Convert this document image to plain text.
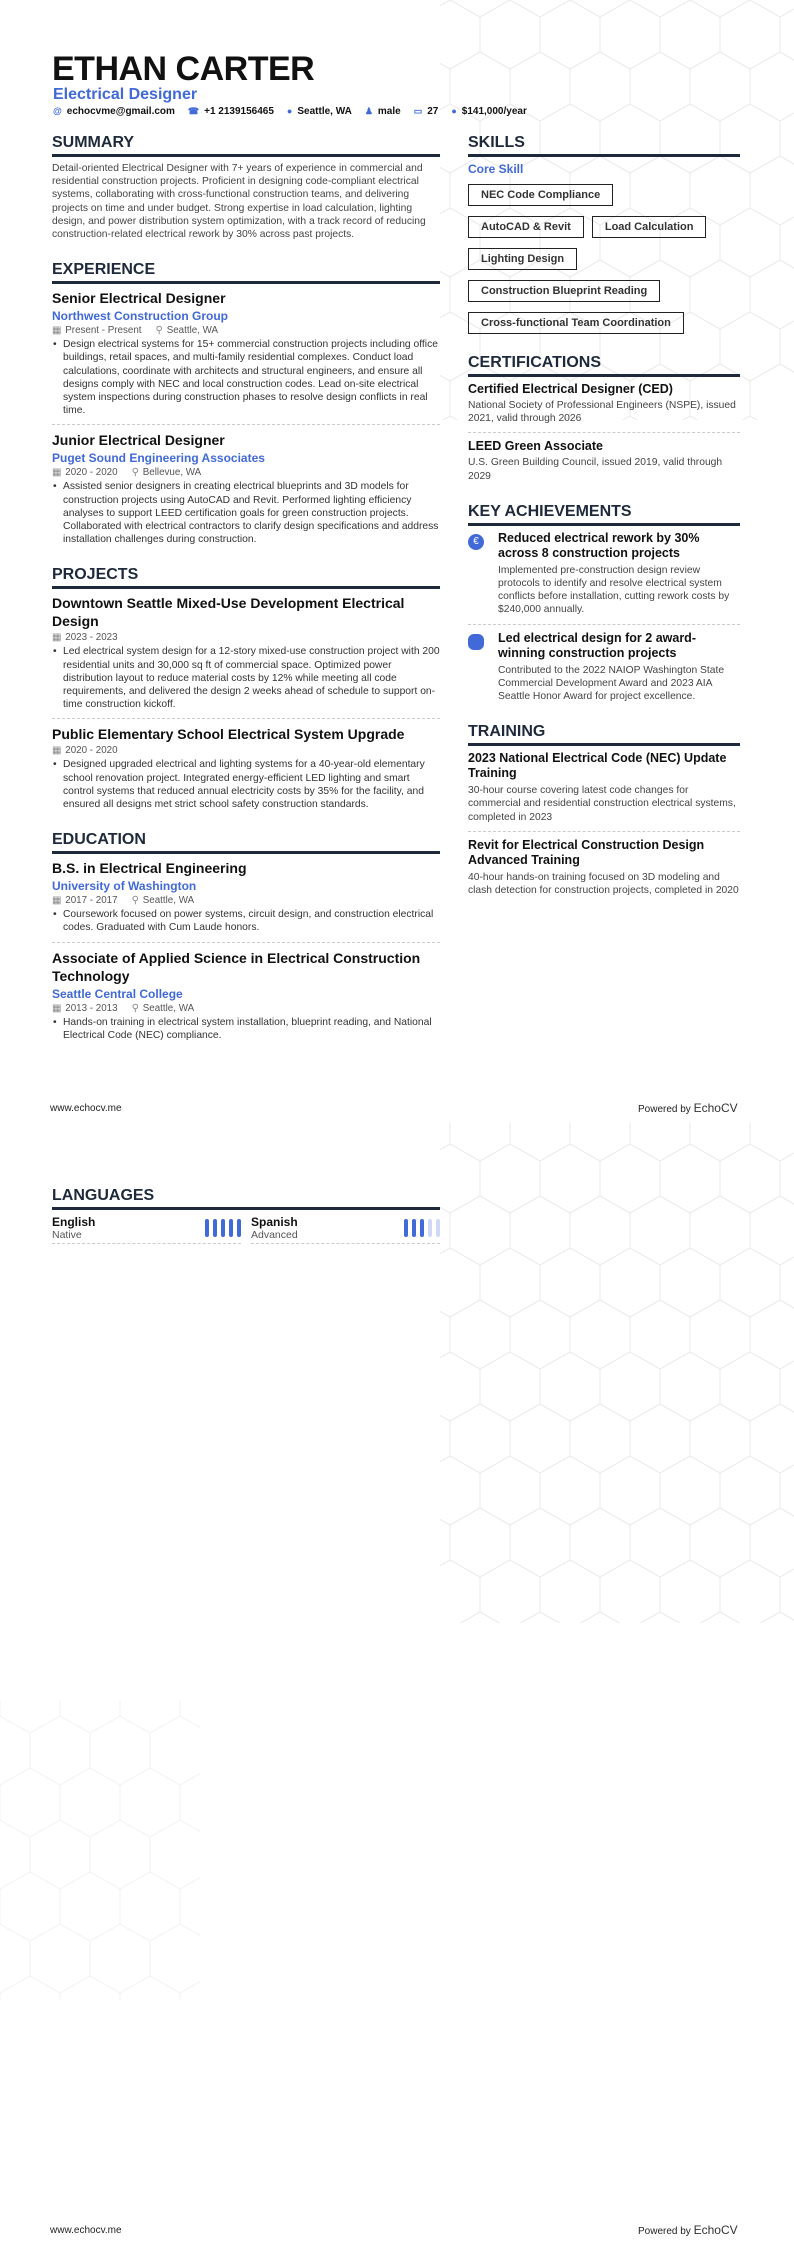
ETHAN CARTER
Electrical Designer
@ echocvme@gmail.com ☎ +1 2139156465 ● Seattle, WA ♟ male ▭ 27 ● $141,000/year
SUMMARY
Detail-oriented Electrical Designer with 7+ years of experience in commercial and residential construction projects. Proficient in designing code-compliant electrical systems, collaborating with cross-functional construction teams, and delivering projects on time and under budget. Strong expertise in load calculation, lighting design, and power distribution system optimization, with a track record of reducing construction-related electrical rework by 30% across past projects.
EXPERIENCE
Senior Electrical Designer
Northwest Construction Group
▦ Present - Present ⚲ Seattle, WA
• Design electrical systems for 15+ commercial construction projects including office buildings, retail spaces, and multi-family residential complexes. Conduct load calculations, coordinate with architects and structural engineers, and ensure all designs comply with NEC and local construction codes. Lead on-site electrical system inspections during construction phases to resolve design conflicts in real time.
Junior Electrical Designer
Puget Sound Engineering Associates
▦ 2020 - 2020 ⚲ Bellevue, WA
• Assisted senior designers in creating electrical blueprints and 3D models for construction projects using AutoCAD and Revit. Performed lighting efficiency analyses to support LEED certification goals for green construction projects. Collaborated with electrical contractors to clarify design specifications and address installation challenges during construction.
PROJECTS
Downtown Seattle Mixed-Use Development Electrical Design
▦ 2023 - 2023
• Led electrical system design for a 12-story mixed-use construction project with 200 residential units and 30,000 sq ft of commercial space. Optimized power distribution layout to reduce material costs by 12% while meeting all code requirements, and delivered the design 2 weeks ahead of schedule to support on-time construction kickoff.
Public Elementary School Electrical System Upgrade
▦ 2020 - 2020
• Designed upgraded electrical and lighting systems for a 40-year-old elementary school renovation project. Integrated energy-efficient LED lighting and smart control systems that reduced annual electricity costs by 35% for the facility, and ensured all designs met strict school safety construction standards.
EDUCATION
B.S. in Electrical Engineering
University of Washington
▦ 2017 - 2017 ⚲ Seattle, WA
• Coursework focused on power systems, circuit design, and construction electrical codes. Graduated with Cum Laude honors.
Associate of Applied Science in Electrical Construction Technology
Seattle Central College
▦ 2013 - 2013 ⚲ Seattle, WA
• Hands-on training in electrical system installation, blueprint reading, and National Electrical Code (NEC) compliance.
SKILLS
Core Skill
NEC Code Compliance
AutoCAD & Revit	Load Calculation
Lighting Design
Construction Blueprint Reading
Cross-functional Team Coordination
CERTIFICATIONS
Certified Electrical Designer (CED)
National Society of Professional Engineers (NSPE), issued 2021, valid through 2026
LEED Green Associate
U.S. Green Building Council, issued 2019, valid through 2029
KEY ACHIEVEMENTS
€	Reduced electrical rework by 30% across 8 construction projects
Implemented pre-construction design review protocols to identify and resolve electrical system conflicts before installation, cutting rework costs by $240,000 annually.
Led electrical design for 2 award-winning construction projects
Contributed to the 2022 NAIOP Washington State Commercial Development Award and 2023 AIA Seattle Honor Award for project excellence.
TRAINING
2023 National Electrical Code (NEC) Update Training
30-hour course covering latest code changes for commercial and residential construction electrical systems, completed in 2023
Revit for Electrical Construction Design Advanced Training
40-hour hands-on training focused on 3D modeling and clash detection for construction projects, completed in 2020
www.echocv.me	Powered by EchoCV
LANGUAGES
English
Native
Spanish
Advanced
www.echocv.me	Powered by EchoCV
